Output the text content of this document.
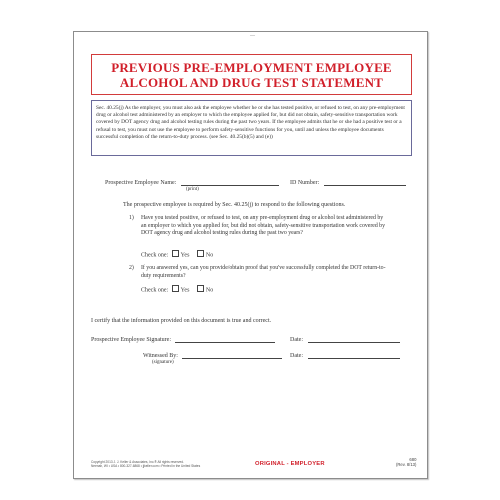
—
PREVIOUS PRE-EMPLOYMENT EMPLOYEE
ALCOHOL AND DRUG TEST STATEMENT
Sec. 40.25(j) As the employer, you must also ask the employee whether he or she has tested positive, or refused to test, on any pre-employment drug or alcohol test administered by an employer to which the employee applied for, but did not obtain, safety-sensitive transportation work covered by DOT agency drug and alcohol testing rules during the past two years. If the employee admits that he or she had a positive test or a refusal to test, you must not use the employee to perform safety-sensitive functions for you, until and unless the employee documents successful completion of the return-to-duty process. (see Sec. 40.25(b)(5) and (e))
Prospective Employee Name:
(print)
ID Number:
The prospective employee is required by Sec. 40.25(j) to respond to the following questions.
1) Have you tested positive, or refused to test, on any pre-employment drug or alcohol test administered by an employer to which you applied for, but did not obtain, safety-sensitive transportation work covered by DOT agency drug and alcohol testing rules during the past two years?
Check one: Yes	No
2) If you answered yes, can you provide/obtain proof that you've successfully completed the DOT return-to-duty requirements?
Check one: Yes	No
I certify that the information provided on this document is true and correct.
Prospective Employee Signature:	Date:
Witnessed By:
(signature)
Date:
Copyright 2013 J. J. Keller & Associates, Inc.® All rights reserved.
Neenah, WI • USA • 800-327-6868 • jjkeller.com • Printed in the United States	ORIGINAL - EMPLOYER
680
(Rev. 8/13)
